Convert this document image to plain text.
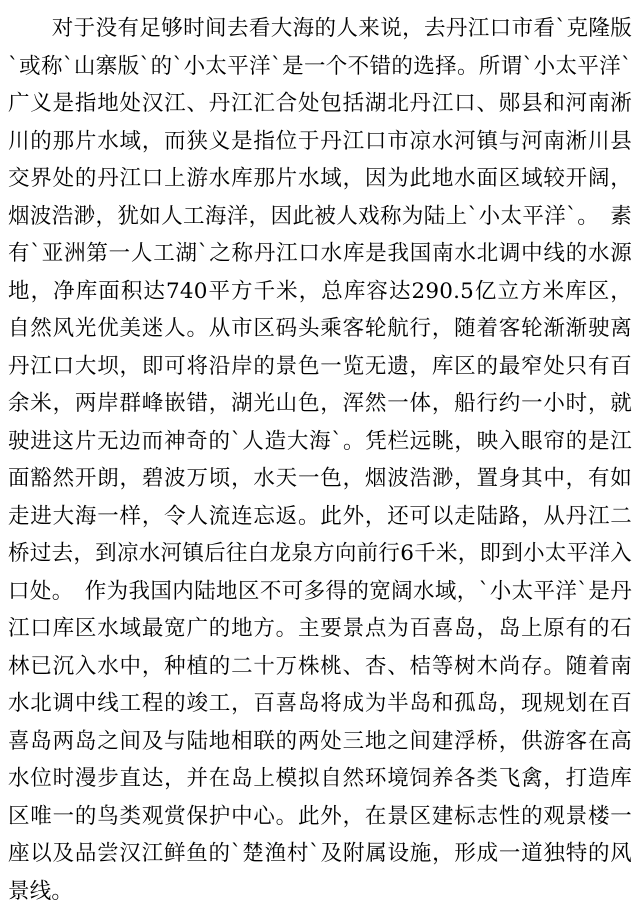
　　对于没有足够时间去看大海的人来说，去丹江口市看`克隆版`或称`山寨版`的`小太平洋`是一个不错的选择。所谓`小太平洋`广义是指地处汉江、丹江汇合处包括湖北丹江口、郧县和河南淅川的那片水域，而狭义是指位于丹江口市凉水河镇与河南淅川县交界处的丹江口上游水库那片水域，因为此地水面区域较开阔，烟波浩渺，犹如人工海洋，因此被人戏称为陆上`小太平洋`。　素有`亚洲第一人工湖`之称丹江口水库是我国南水北调中线的水源地，净库面积达740平方千米，总库容达290.5亿立方米库区，自然风光优美迷人。从市区码头乘客轮航行，随着客轮渐渐驶离丹江口大坝，即可将沿岸的景色一览无遗，库区的最窄处只有百余米，两岸群峰嵌错，湖光山色，浑然一体，船行约一小时，就驶进这片无边而神奇的`人造大海`。凭栏远眺，映入眼帘的是江面豁然开朗，碧波万顷，水天一色，烟波浩渺，置身其中，有如走进大海一样，令人流连忘返。此外，还可以走陆路，从丹江二桥过去，到凉水河镇后往白龙泉方向前行6千米，即到小太平洋入口处。　作为我国内陆地区不可多得的宽阔水域，`小太平洋`是丹江口库区水域最宽广的地方。主要景点为百喜岛，岛上原有的石林已沉入水中，种植的二十万株桃、杏、桔等树木尚存。随着南水北调中线工程的竣工，百喜岛将成为半岛和孤岛，现规划在百喜岛两岛之间及与陆地相联的两处三地之间建浮桥，供游客在高水位时漫步直达，并在岛上模拟自然环境饲养各类飞禽，打造库区唯一的鸟类观赏保护中心。此外，在景区建标志性的观景楼一座以及品尝汉江鲜鱼的`楚渔村`及附属设施，形成一道独特的风景线。
